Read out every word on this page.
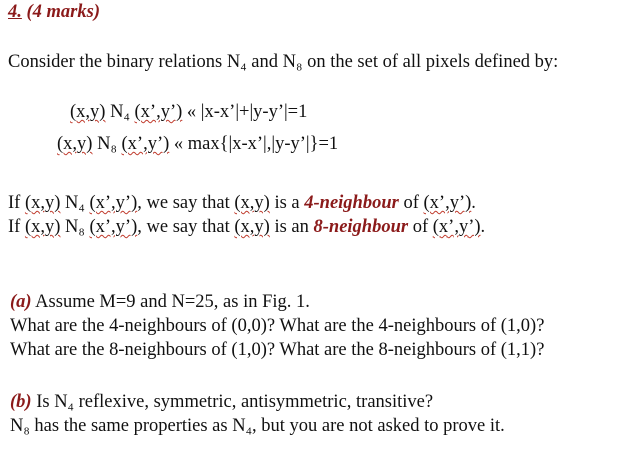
4. (4 marks)
Consider the binary relations N₄ and N₈ on the set of all pixels defined by:
(x,y) N₄ (x’,y’) « |x-x’|+|y-y’|=1
(x,y) N₈ (x’,y’) « max{|x-x’|,|y-y’|}=1
If (x,y) N₄ (x’,y’), we say that (x,y) is a 4-neighbour of (x’,y’).
If (x,y) N₈ (x’,y’), we say that (x,y) is an 8-neighbour of (x’,y’).
(a) Assume M=9 and N=25, as in Fig. 1.
What are the 4-neighbours of (0,0)? What are the 4-neighbours of (1,0)?
What are the 8-neighbours of (1,0)? What are the 8-neighbours of (1,1)?
(b) Is N₄ reflexive, symmetric, antisymmetric, transitive?
N₈ has the same properties as N₄, but you are not asked to prove it.
